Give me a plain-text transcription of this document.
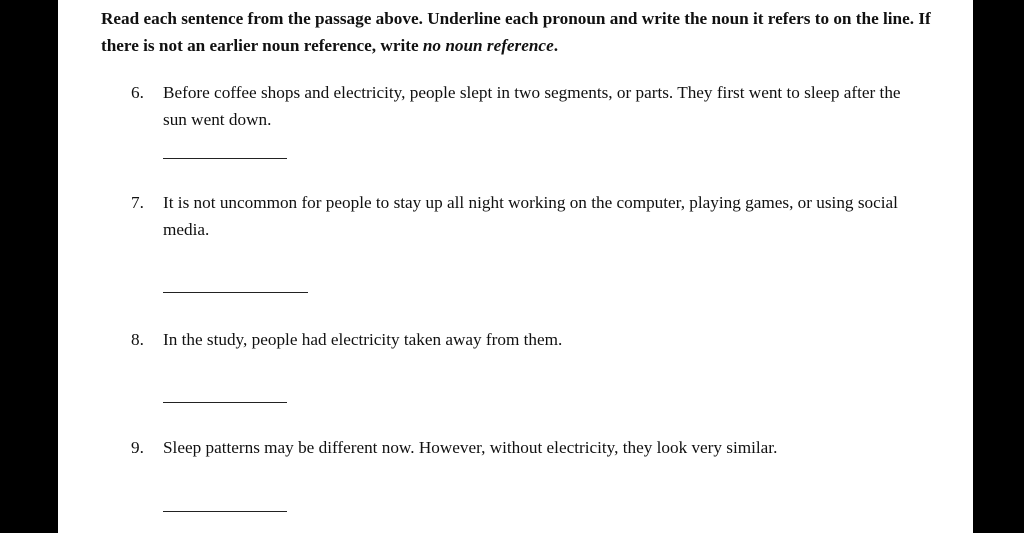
Read each sentence from the passage above. Underline each pronoun and write the noun it refers to on the line. If there is not an earlier noun reference, write no noun reference.

6.	Before coffee shops and electricity, people slept in two segments, or parts. They first went to sleep after the sun went down.
7.	It is not uncommon for people to stay up all night working on the computer, playing games, or using social media.
8.	In the study, people had electricity taken away from them.
9.	Sleep patterns may be different now. However, without electricity, they look very similar.
